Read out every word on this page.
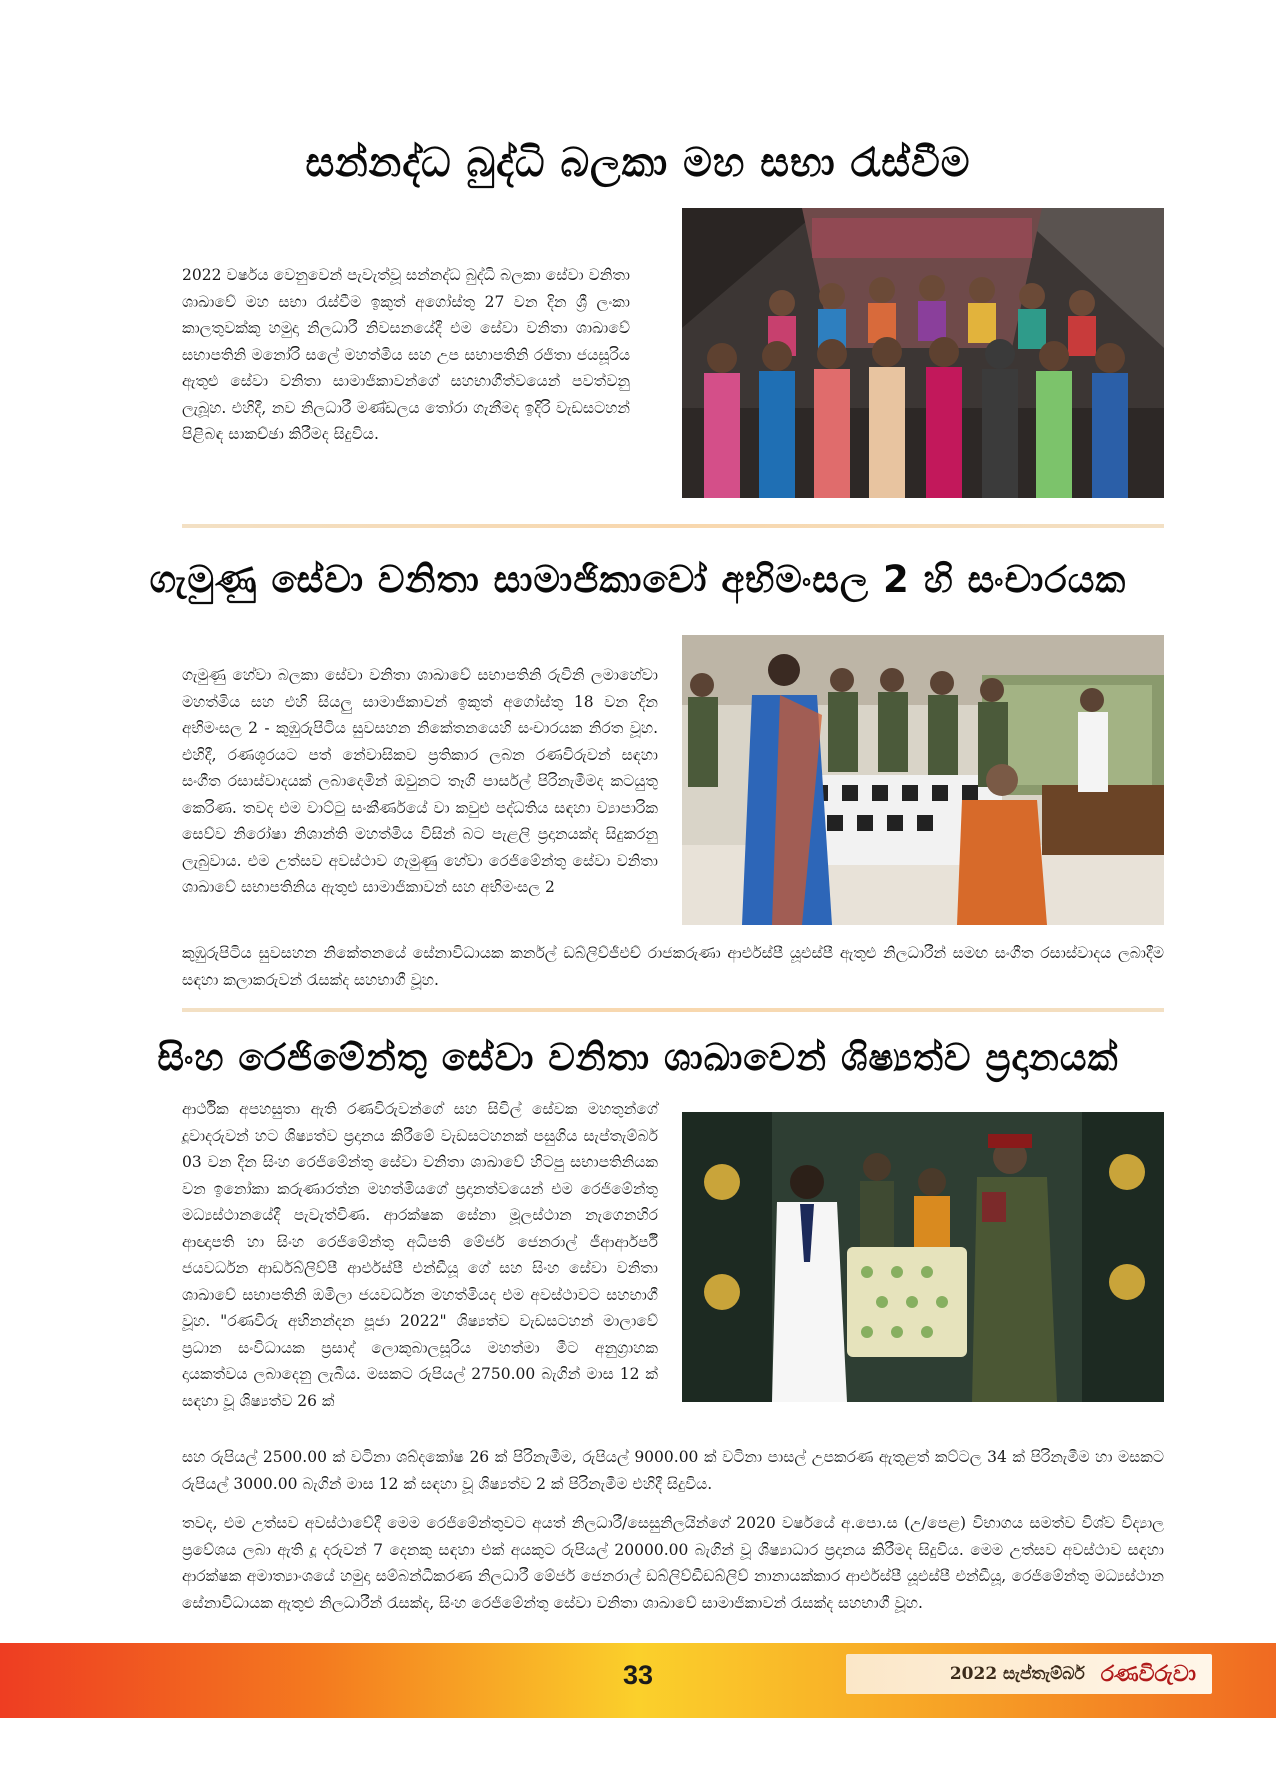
සන්නද්ධ බුද්ධි බලකා මහ සභා රැස්වීම

2022 වර්ෂය වෙනුවෙන් පැවැත්වූ සන්නද්ධ බුද්ධි බලකා සේවා වනිතා ශාඛාවේ මහ සභා රැස්වීම ඉකුත් අගෝස්තු 27 වන දින ශ්‍රී ලංකා කාලතුවක්කු හමුදා නිලධාරී නිවසනයේදී එම සේවා වනිතා ශාඛාවේ සභාපතිනි මනෝරි සලේ මහත්මිය සහ උප සභාපතිනි රජිතා ජයසූරිය ඇතුළු සේවා වනිතා සාමාජිකාවන්ගේ සහභාගීත්වයෙන් පවත්වනු ලැබූහ. එහිදී, නව නිලධාරී මණ්ඩලය තෝරා ගැනීමද ඉදිරි වැඩසටහන් පිළිබඳ සාකච්ඡා කිරීමද සිදුවිය.

ගැමුණු සේවා වනිතා සාමාජිකාවෝ අභිමංසල 2 හි සංචාරයක

ගැමුණු හේවා බලකා සේවා වනිතා ශාඛාවේ සභාපතිනි රුවිනි ලමාහේවා මහත්මිය සහ එහි සියලු සාමාජිකාවන් ඉකුත් අගෝස්තු 18 වන දින අභිමංසල 2 - කුඹුරුපිටිය සුවසහන නිකේතනයෙහි සංචාරයක නිරත වූහ. එහිදී, රණශූරයට පත් නේවාසිකව ප්‍රතිකාර ලබන රණවිරුවන් සඳහා සංගීත රසාස්වාදයක් ලබාදෙමින් ඔවුනට තෑගි පාර්සල් පිරිනැමීමද කටයුතු කෙරිණ. තවද එම වාට්ටු සංකීර්ණයේ වා කවුළු පද්ධතිය සඳහා ව්‍යාපාරික සෙව්ව නිරෝෂා නිශාන්ති මහත්මිය විසින් බට පැළලි ප්‍රදානයක්ද සිදුකරනු ලැබුවාය. එම උත්සව අවස්ථාව ගැමුණු හේවා රෙජිමේන්තු සේවා වනිතා ශාඛාවේ සභාපතිනිය ඇතුළු සාමාජිකාවන් සහ අභිමංසල 2

කුඹුරුපිටිය සුවසහන නිකේතනයේ සේනාවිධායක කර්නල් ඩබ්ලිව්ජීඑච් රාජකරුණා ආර්එස්පී යූඑස්පී ඇතුළු නිලධාරීන් සමඟ සංගීත රසාස්වාදය ලබාදීම සඳහා කලාකරුවන් රැසක්ද සහභාගී වූහ.

සිංහ රෙජිමේන්තු සේවා වනිතා ශාඛාවෙන් ශිෂ්‍යත්ව ප්‍රදානයක්

ආර්ථික අපහසුතා ඇති රණවිරුවන්ගේ සහ සිවිල් සේවක මහතුන්ගේ දූවාදරුවන් හට ශිෂ්‍යත්ව ප්‍රදානය කිරීමේ වැඩසටහනක් පසුගිය සැප්තැම්බර් 03 වන දින සිංහ රෙජිමේන්තු සේවා වනිතා ශාඛාවේ හිටපු සභාපතිනියක වන ඉනෝකා කරුණාරත්න මහත්මියගේ ප්‍රදානත්වයෙන් එම රෙජිමේන්තු මධ්‍යස්ථානයේදී පැවැත්විණ. ආරක්ෂක සේනා මූලස්ථාන නැගෙනහිර ආඥාපති හා සිංහ රෙජිමේන්තු අධිපති මේජර් ජෙනරාල් ජීආර්ආර්පී ජයවර්ධන ආර්ඩබ්ලිව්පී ආර්එස්පී එන්ඩීයූ ගේ සහ සිංහ සේවා වනිතා ශාඛාවේ සභාපතිනි ඔමිලා ජයවර්ධන මහත්මියද එම අවස්ථාවට සහභාගී වූහ. "රණවිරු අභිනන්දන පූජා 2022" ශිෂ්‍යත්ව වැඩසටහන් මාලාවේ ප්‍රධාන සංවිධායක ප්‍රසාද් ලොකුබාලසූරිය මහත්මා මීට අනුග්‍රාහක දායකත්වය ලබාදෙනු ලැබීය. මසකට රුපියල් 2750.00 බැගින් මාස 12 ක් සඳහා වූ ශිෂ්‍යත්ව 26 ක්

සහ රුපියල් 2500.00 ක් වටිනා ශබ්දකෝෂ 26 ක් පිරිනැමීම, රුපියල් 9000.00 ක් වටිනා පාසල් උපකරණ ඇතුළත් කට්ටල 34 ක් පිරිනැමීම හා මසකට රුපියල් 3000.00 බැගින් මාස 12 ක් සඳහා වූ ශිෂ්‍යත්ව 2 ක් පිරිනැමීම එහිදී සිදුවිය.

තවද, එම උත්සව අවස්ථාවේදී මෙම රෙජිමේන්තුවට අයත් නිලධාරී/සෙසුනිලයින්ගේ 2020 වර්ෂයේ අ.පො.ස (උ/පෙළ) විභාගය සමත්ව විශ්ව විද්‍යාල ප්‍රවේශය ලබා ඇති දූ දරුවන් 7 දෙනකු සඳහා එක් අයකුට රුපියල් 20000.00 බැගින් වූ ශිෂ්‍යාධාර ප්‍රදානය කිරීමද සිදුවිය. මෙම උත්සව අවස්ථාව සඳහා ආරක්ෂක අමාත්‍යාංශයේ හමුදා සම්බන්ධීකරණ නිලධාරී මේජර් ජෙනරාල් ඩබ්ලිව්ඩීඩබ්ලිව් නානායක්කාර ආර්එස්පී යූඑස්පී එන්ඩීයූ, රෙජිමේන්තු මධ්‍යස්ථාන සේනාවිධායක ඇතුළු නිලධාරීන් රැසක්ද, සිංහ රෙජිමේන්තු සේවා වනිතා ශාඛාවේ සාමාජිකාවන් රැසක්ද සහභාගී වූහ.

33	2022 සැප්තැම්බර් රණවිරුවා
